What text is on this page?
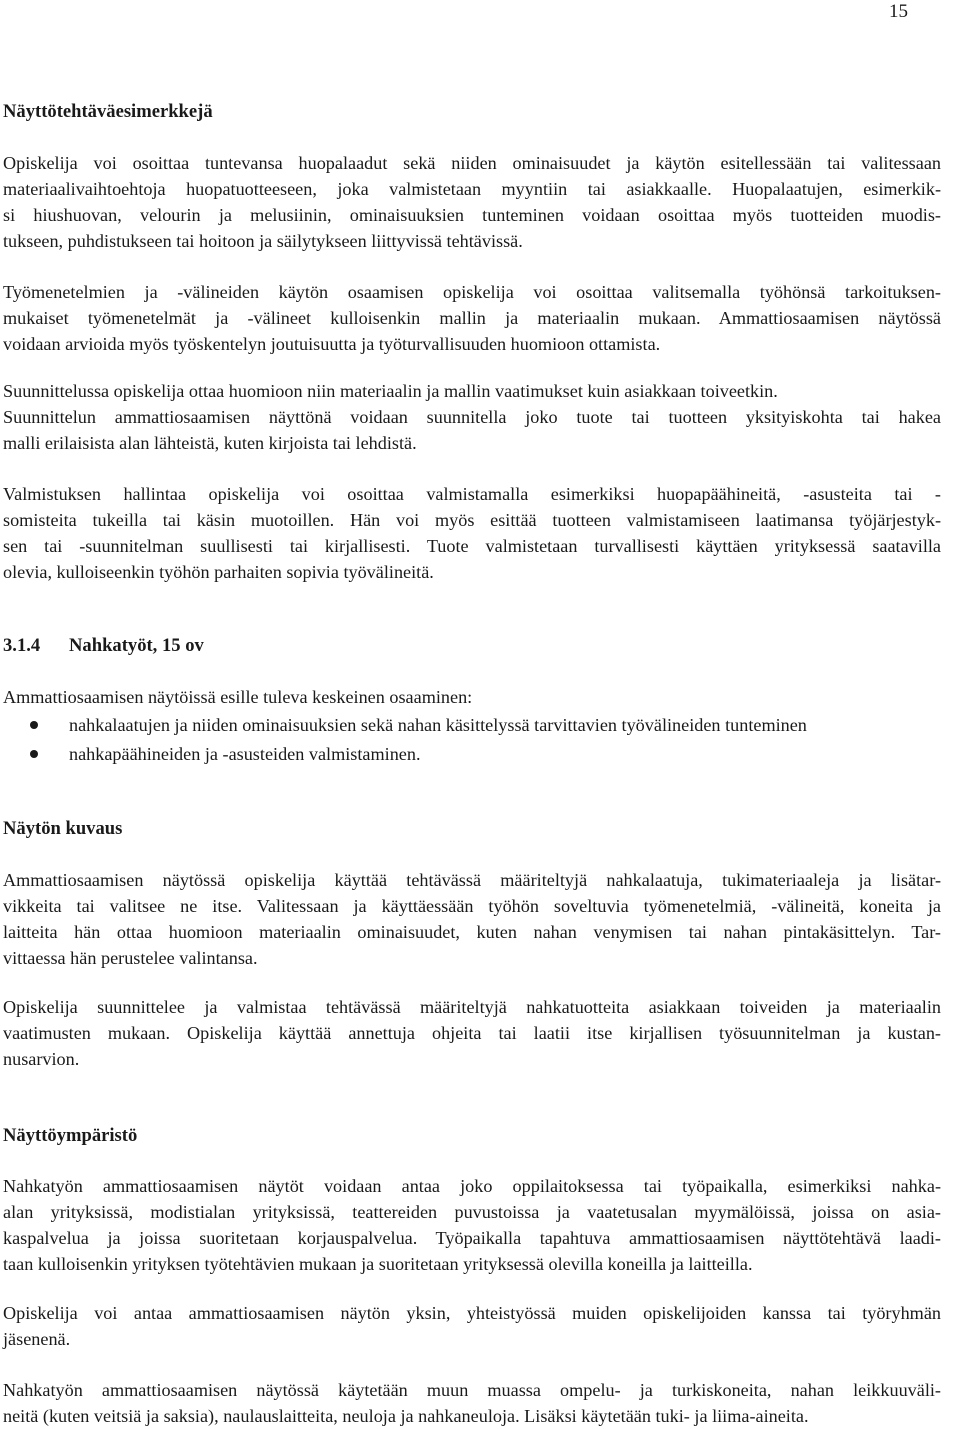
15

Näyttötehtäväesimerkkejä

Opiskelija voi osoittaa tuntevansa huopalaadut sekä niiden ominaisuudet ja käytön esitellessään tai valitessaan

materiaalivaihtoehtoja huopatuotteeseen, joka valmistetaan myyntiin tai asiakkaalle. Huopalaatujen, esimerkik-

si hiushuovan, velourin ja melusiinin, ominaisuuksien tunteminen voidaan osoittaa myös tuotteiden muodis-

tukseen, puhdistukseen tai hoitoon ja säilytykseen liittyvissä tehtävissä.

Työmenetelmien ja -välineiden käytön osaamisen opiskelija voi osoittaa valitsemalla työhönsä tarkoituksen-

mukaiset työmenetelmät ja -välineet kulloisenkin mallin ja materiaalin mukaan. Ammattiosaamisen näytössä

voidaan arvioida myös työskentelyn joutuisuutta ja työturvallisuuden huomioon ottamista.

Suunnittelussa opiskelija ottaa huomioon niin materiaalin ja mallin vaatimukset kuin asiakkaan toiveetkin.

Suunnittelun ammattiosaamisen näyttönä voidaan suunnitella joko tuote tai tuotteen yksityiskohta tai hakea

malli erilaisista alan lähteistä, kuten kirjoista tai lehdistä.

Valmistuksen hallintaa opiskelija voi osoittaa valmistamalla esimerkiksi huopapäähineitä, -asusteita tai -

somisteita tukeilla tai käsin muotoillen. Hän voi myös esittää tuotteen valmistamiseen laatimansa työjärjestyk-

sen tai -suunnitelman suullisesti tai kirjallisesti. Tuote valmistetaan turvallisesti käyttäen yrityksessä saatavilla

olevia, kulloiseenkin työhön parhaiten sopivia työvälineitä.

3.1.4 Nahkatyöt, 15 ov

Ammattiosaamisen näytöissä esille tuleva keskeinen osaaminen:

nahkalaatujen ja niiden ominaisuuksien sekä nahan käsittelyssä tarvittavien työvälineiden tunteminen
nahkapäähineiden ja -asusteiden valmistaminen.

Näytön kuvaus

Ammattiosaamisen näytössä opiskelija käyttää tehtävässä määriteltyjä nahkalaatuja, tukimateriaaleja ja lisätar-

vikkeita tai valitsee ne itse. Valitessaan ja käyttäessään työhön soveltuvia työmenetelmiä, -välineitä, koneita ja

laitteita hän ottaa huomioon materiaalin ominaisuudet, kuten nahan venymisen tai nahan pintakäsittelyn. Tar-

vittaessa hän perustelee valintansa.

Opiskelija suunnittelee ja valmistaa tehtävässä määriteltyjä nahkatuotteita asiakkaan toiveiden ja materiaalin

vaatimusten mukaan. Opiskelija käyttää annettuja ohjeita tai laatii itse kirjallisen työsuunnitelman ja kustan-

nusarvion.

Näyttöympäristö

Nahkatyön ammattiosaamisen näytöt voidaan antaa joko oppilaitoksessa tai työpaikalla, esimerkiksi nahka-

alan yrityksissä, modistialan yrityksissä, teattereiden puvustoissa ja vaatetusalan myymälöissä, joissa on asia-

kaspalvelua ja joissa suoritetaan korjauspalvelua. Työpaikalla tapahtuva ammattiosaamisen näyttötehtävä laadi-

taan kulloisenkin yrityksen työtehtävien mukaan ja suoritetaan yrityksessä olevilla koneilla ja laitteilla.

Opiskelija voi antaa ammattiosaamisen näytön yksin, yhteistyössä muiden opiskelijoiden kanssa tai työryhmän

jäsenenä.

Nahkatyön ammattiosaamisen näytössä käytetään muun muassa ompelu- ja turkiskoneita, nahan leikkuuväli-

neitä (kuten veitsiä ja saksia), naulauslaitteita, neuloja ja nahkaneuloja. Lisäksi käytetään tuki- ja liima-aineita.
